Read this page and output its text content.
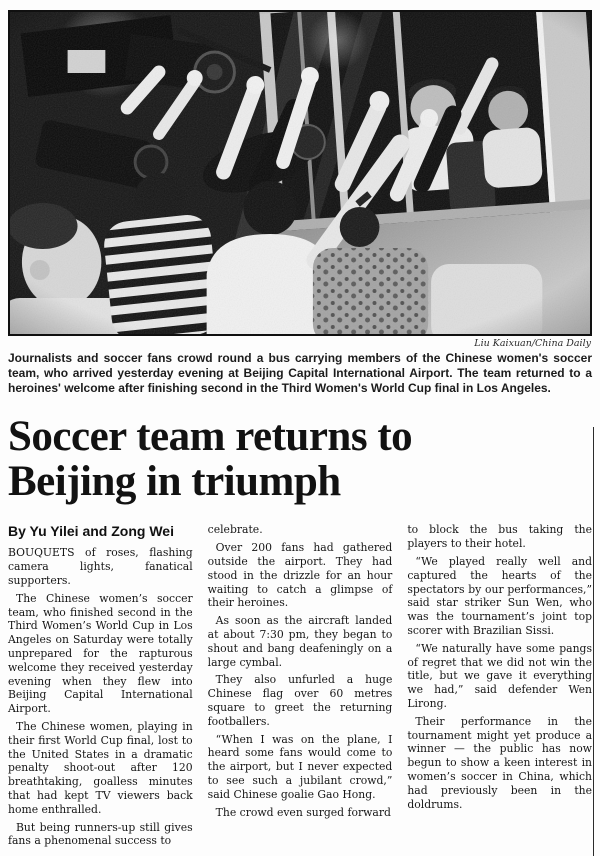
Liu Kaixuan/China Daily
Journalists and soccer fans crowd round a bus carrying members of the Chinese women's soccer team, who arrived yesterday evening at Beijing Capital International Airport. The team returned to a heroines' welcome after finishing second in the Third Women's World Cup final in Los Angeles.
Soccer team returns to Beijing in triumph
By Yu Yilei and Zong Wei

BOUQUETS of roses, flashing camera lights, fanatical supporters.

The Chinese women’s soccer team, who finished second in the Third Women’s World Cup in Los Angeles on Saturday were totally unprepared for the rapturous welcome they received yesterday evening when they flew into Beijing Capital International Airport.

The Chinese women, playing in their first World Cup final, lost to the United States in a dramatic penalty shoot-out after 120 breathtaking, goalless minutes that had kept TV viewers back home enthralled.

But being runners-up still gives fans a phenomenal success to

celebrate.

Over 200 fans had gathered outside the airport. They had stood in the drizzle for an hour waiting to catch a glimpse of their heroines.

As soon as the aircraft landed at about 7:30 pm, they began to shout and bang deafeningly on a large cymbal.

They also unfurled a huge Chinese flag over 60 metres square to greet the returning footballers.

“When I was on the plane, I heard some fans would come to the airport, but I never expected to see such a jubilant crowd,” said Chinese goalie Gao Hong.

The crowd even surged forward

to block the bus taking the players to their hotel.

“We played really well and captured the hearts of the spectators by our performances,” said star striker Sun Wen, who was the tournament’s joint top scorer with Brazilian Sissi.

“We naturally have some pangs of regret that we did not win the title, but we gave it everything we had,” said defender Wen Lirong.

Their performance in the tournament might yet produce a winner — the public has now begun to show a keen interest in women’s soccer in China, which had previously been in the doldrums.
